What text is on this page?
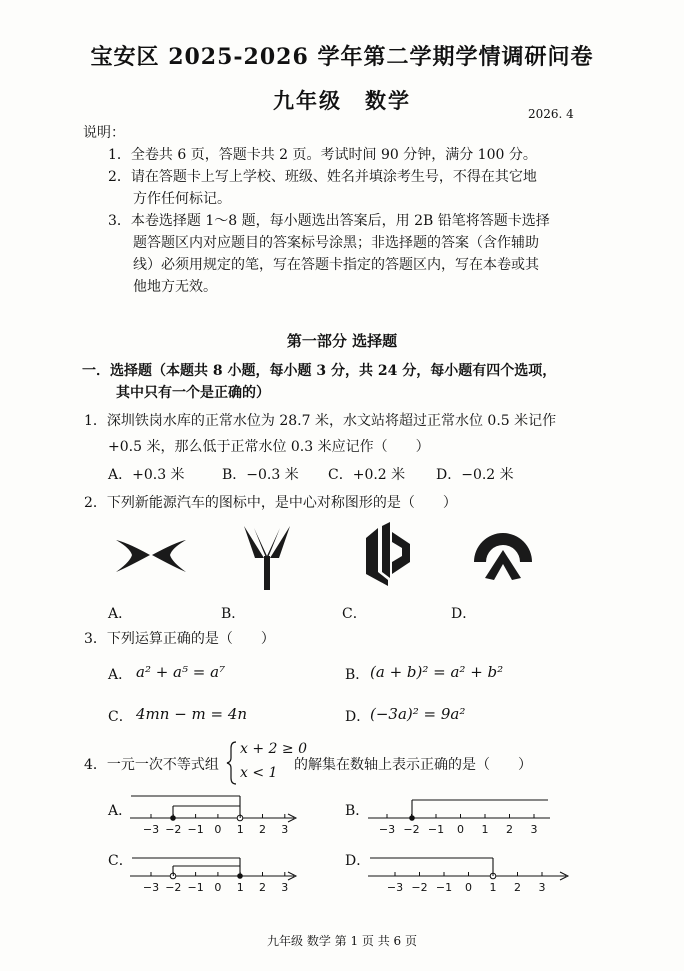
宝安区 2025-2026 学年第二学期学情调研问卷
九年级　数学
2026. 4
说明：
1．全卷共 6 页，答题卡共 2 页。考试时间 90 分钟，满分 100 分。
2．请在答题卡上写上学校、班级、姓名并填涂考生号，不得在其它地
方作任何标记。
3．本卷选择题 1～8 题，每小题选出答案后，用 2B 铅笔将答题卡选择
题答题区内对应题目的答案标号涂黑；非选择题的答案（含作辅助
线）必须用规定的笔，写在答题卡指定的答题区内，写在本卷或其
他地方无效。
第一部分 选择题
一．选择题（本题共 8 小题，每小题 3 分，共 24 分，每小题有四个选项，
其中只有一个是正确的）
1．深圳铁岗水库的正常水位为 28.7 米，水文站将超过正常水位 0.5 米记作
+0.5 米，那么低于正常水位 0.3 米应记作（　　）
A．+0.3 米	B．−0.3 米 C．+0.2 米 D．−0.2 米
2．下列新能源汽车的图标中，是中心对称图形的是（　　）
A．	B．	C．	D．
3．下列运算正确的是（　　）
A． a² + a⁵ = a⁷	B． (a + b)² = a² + b²
C． 4mn − m = 4n	D． (−3a)² = 9a²
4．一元一次不等式组
x + 2 ≥ 0
x < 1 的解集在数轴上表示正确的是（　　）
A．	B．
C．	D．
−3 −2 −1 0 1 2 3	−3 −2 −1 0 1 2 3
−3 −2 −1 0 1 2 3	−3 −2 −1 0 1 2 3
九年级 数学 第 1 页 共 6 页
